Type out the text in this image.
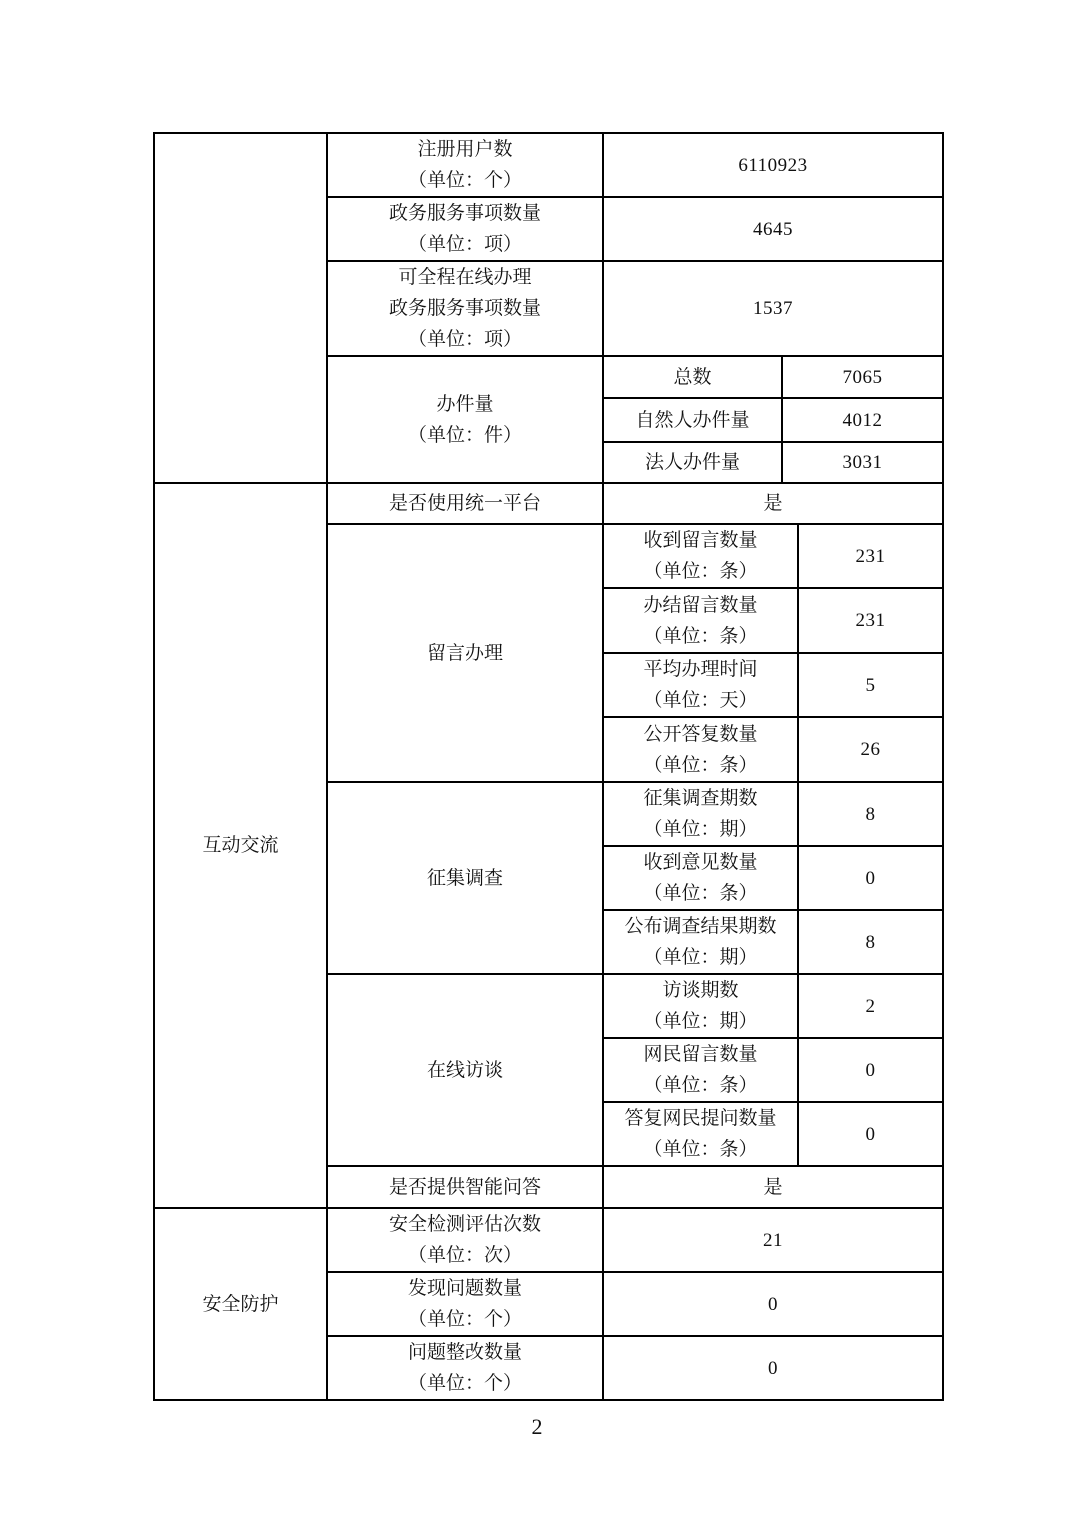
	注册用户数
（单位：个）	6110923		

	政务服务事项数量
（单位：项）	4645		

	可全程在线办理
政务服务事项数量
（单位：项）	1537		

	办件量
（单位：件）	总数	7065	
		自然人办件量	4012	
		法人办件量	3031	
互动交流	是否使用统一平台	是		
	留言办理	收到留言数量
（单位：条）		231

		办结留言数量
（单位：条）		231

		平均办理时间
（单位：天）		5

		公开答复数量
（单位：条）		26
	征集调查	征集调查期数
（单位：期）		8

		收到意见数量
（单位：条）		0

		公布调查结果期数
（单位：期）		8
	在线访谈	访谈期数
（单位：期）		2

		网民留言数量
（单位：条）		0

		答复网民提问数量
（单位：条）		0
	是否提供智能问答	是		
安全防护	安全检测评估次数
（单位：次）	21		

	发现问题数量
（单位：个）	0		

	问题整改数量
（单位：个）	0		
2
